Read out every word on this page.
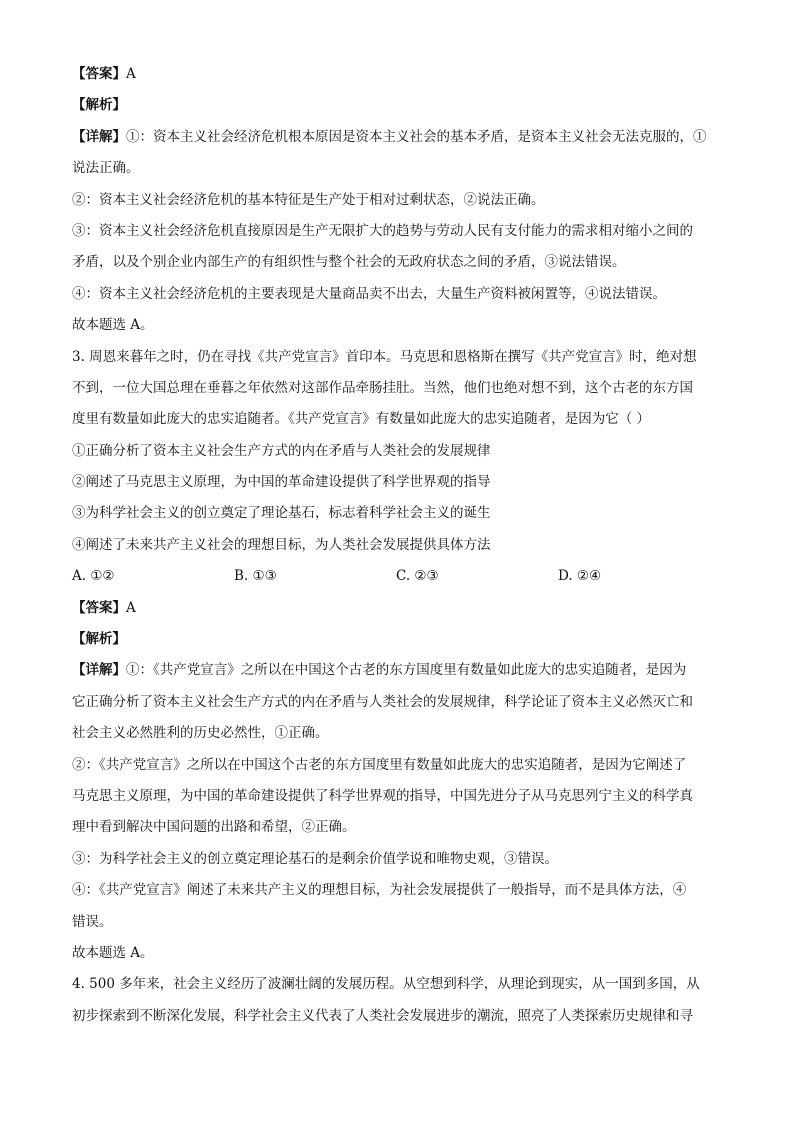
【答案】A
【解析】
【详解】①：资本主义社会经济危机根本原因是资本主义社会的基本矛盾，是资本主义社会无法克服的，①
说法正确。
②：资本主义社会经济危机的基本特征是生产处于相对过剩状态，②说法正确。
③：资本主义社会经济危机直接原因是生产无限扩大的趋势与劳动人民有支付能力的需求相对缩小之间的
矛盾，以及个别企业内部生产的有组织性与整个社会的无政府状态之间的矛盾，③说法错误。
④：资本主义社会经济危机的主要表现是大量商品卖不出去，大量生产资料被闲置等，④说法错误。
故本题选 A。
3. 周恩来暮年之时，仍在寻找《共产党宣言》首印本。马克思和恩格斯在撰写《共产党宣言》时，绝对想
不到，一位大国总理在垂暮之年依然对这部作品牵肠挂肚。当然，他们也绝对想不到，这个古老的东方国
度里有数量如此庞大的忠实追随者。《共产党宣言》有数量如此庞大的忠实追随者，是因为它（ ）
①正确分析了资本主义社会生产方式的内在矛盾与人类社会的发展规律
②阐述了马克思主义原理，为中国的革命建设提供了科学世界观的指导
③为科学社会主义的创立奠定了理论基石，标志着科学社会主义的诞生
④阐述了未来共产主义社会的理想目标，为人类社会发展提供具体方法
A. ①②	B. ①③	C. ②③	D. ②④
【答案】A
【解析】
【详解】①：《共产党宣言》之所以在中国这个古老的东方国度里有数量如此庞大的忠实追随者，是因为
它正确分析了资本主义社会生产方式的内在矛盾与人类社会的发展规律，科学论证了资本主义必然灭亡和
社会主义必然胜利的历史必然性，①正确。
②：《共产党宣言》之所以在中国这个古老的东方国度里有数量如此庞大的忠实追随者，是因为它阐述了
马克思主义原理，为中国的革命建设提供了科学世界观的指导，中国先进分子从马克思列宁主义的科学真
理中看到解决中国问题的出路和希望，②正确。
③：为科学社会主义的创立奠定理论基石的是剩余价值学说和唯物史观，③错误。
④：《共产党宣言》阐述了未来共产主义的理想目标，为社会发展提供了一般指导，而不是具体方法，④
错误。
故本题选 A。
4. 500 多年来，社会主义经历了波澜壮阔的发展历程。从空想到科学，从理论到现实，从一国到多国，从
初步探索到不断深化发展，科学社会主义代表了人类社会发展进步的潮流，照亮了人类探索历史规律和寻
